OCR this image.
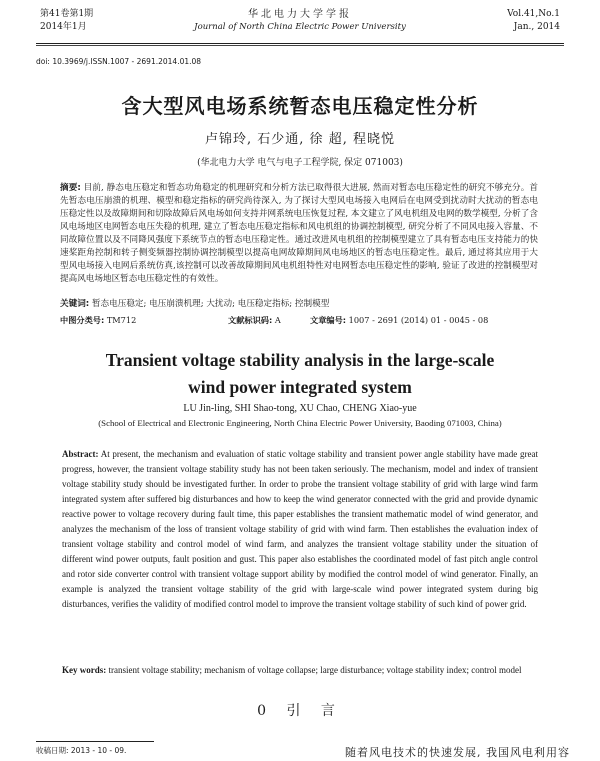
第41卷第1期
2014年1月
华北电力大学学报
Journal of North China Electric Power University
Vol.41,No.1
Jan., 2014
doi: 10.3969/j.ISSN.1007 - 2691.2014.01.08
含大型风电场系统暂态电压稳定性分析
卢锦玲, 石少通, 徐 超, 程晓悦
(华北电力大学 电气与电子工程学院, 保定 071003)
摘要: 目前, 静态电压稳定和暂态功角稳定的机理研究和分析方法已取得很大进展, 然而对暂态电压稳定性的研究不够充分。首先暂态电压崩溃的机理、模型和稳定指标的研究尚待深入, 为了探讨大型风电场接入电网后在电网受到扰动时大扰动的暂态电压稳定性以及故障期间和切除故障后风电场如何支持并网系统电压恢复过程, 本文建立了风电机组及电网的数学模型, 分析了含风电场地区电网暂态电压失稳的机理, 建立了暂态电压稳定指标和风电机组的协调控制模型, 研究分析了不同风电接入容量、不同故障位置以及不同降风强度下系统节点的暂态电压稳定性。通过改进风电机组的控制模型建立了具有暂态电压支持能力的快速桨距角控制和转子侧变频器控制协调控制模型以提高电网故障期间风电场地区的暂态电压稳定性。最后, 通过将其应用于大型风电场接入电网后系统仿真,该控制可以改善故障期间风电机组特性对电网暂态电压稳定性的影响, 验证了改进的控制模型对提高风电场地区暂态电压稳定性的有效性。
关键词: 暂态电压稳定; 电压崩溃机理; 大扰动; 电压稳定指标; 控制模型
中图分类号: TM712	文献标识码: A	文章编号: 1007 - 2691 (2014) 01 - 0045 - 08
Transient voltage stability analysis in the large-scale
wind power integrated system
LU Jin-ling, SHI Shao-tong, XU Chao, CHENG Xiao-yue
(School of Electrical and Electronic Engineering, North China Electric Power University, Baoding 071003, China)
Abstract: At present, the mechanism and evaluation of static voltage stability and transient power angle stability have made great progress, however, the transient voltage stability study has not been taken seriously. The mechanism, model and index of transient voltage stability study should be investigated further. In order to probe the transient voltage stability of grid with large wind farm integrated system after suffered big disturbances and how to keep the wind generator connected with the grid and provide dynamic reactive power to voltage recovery during fault time, this paper establishes the transient mathematic model of wind generator, and analyzes the mechanism of the loss of transient voltage stability of grid with wind farm. Then establishes the evaluation index of transient voltage stability and control model of wind farm, and analyzes the transient voltage stability under the situation of different wind power outputs, fault position and gust. This paper also establishes the coordinated model of fast pitch angle control and rotor side converter control with transient voltage support ability by modified the control model of wind generator. Finally, an example is analyzed the transient voltage stability of the grid with large-scale wind power integrated system during big disturbances, verifies the validity of modified control model to improve the transient voltage stability of such kind of power grid.
Key words: transient voltage stability; mechanism of voltage collapse; large disturbance; voltage stability index; control model
0 引 言
收稿日期: 2013 - 10 - 09.	随着风电技术的快速发展, 我国风电利用容
